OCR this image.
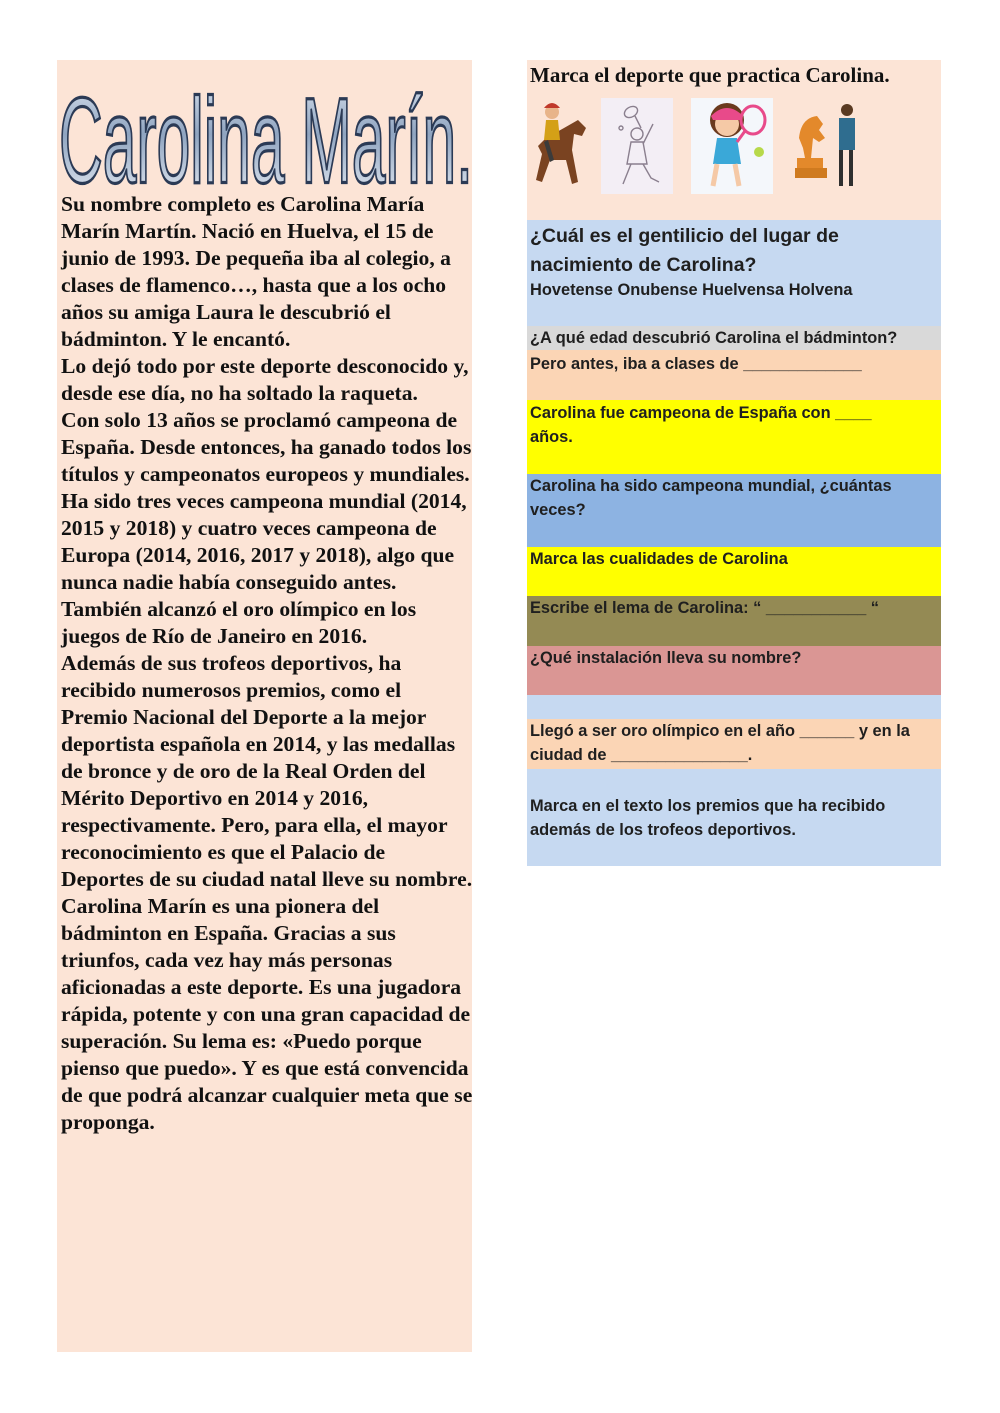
Carolina Marín.

Su nombre completo es Carolina María Marín Martín. Nació en Huelva, el 15 de junio de 1993. De pequeña iba al colegio, a clases de flamenco…, hasta que a los ocho años su amiga Laura le descubrió el bádminton. Y le encantó.
Lo dejó todo por este deporte desconocido y, desde ese día, no ha soltado la raqueta.
Con solo 13 años se proclamó campeona de España. Desde entonces, ha ganado todos los títulos y campeonatos europeos y mundiales.
Ha sido tres veces campeona mundial (2014, 2015 y 2018) y cuatro veces campeona de Europa (2014, 2016, 2017 y 2018), algo que nunca nadie había conseguido antes.
También alcanzó el oro olímpico en los juegos de Río de Janeiro en 2016.
Además de sus trofeos deportivos, ha recibido numerosos premios, como el Premio Nacional del Deporte a la mejor deportista española en 2014, y las medallas de bronce y de oro de la Real Orden del Mérito Deportivo en 2014 y 2016, respectivamente. Pero, para ella, el mayor reconocimiento es que el Palacio de Deportes de su ciudad natal lleve su nombre.
Carolina Marín es una pionera del bádminton en España. Gracias a sus triunfos, cada vez hay más personas aficionadas a este deporte. Es una jugadora rápida, potente y con una gran capacidad de superación. Su lema es: «Puedo porque pienso que puedo». Y es que está convencida de que podrá alcanzar cualquier meta que se proponga.

Marca el deporte que practica Carolina.
¿Cuál es el gentilicio del lugar de
nacimiento de Carolina?
Hovetense Onubense Huelvensa Holvena
¿A qué edad descubrió Carolina el bádminton?
Pero antes, iba a clases de _____________
Carolina fue campeona de España con ____
años.
Carolina ha sido campeona mundial, ¿cuántas
veces?
Marca las cualidades de Carolina
Escribe el lema de Carolina: “ ___________ “
¿Qué instalación lleva su nombre?
Llegó a ser oro olímpico en el año ______ y en la
ciudad de _______________.
Marca en el texto los premios que ha recibido
además de los trofeos deportivos.
